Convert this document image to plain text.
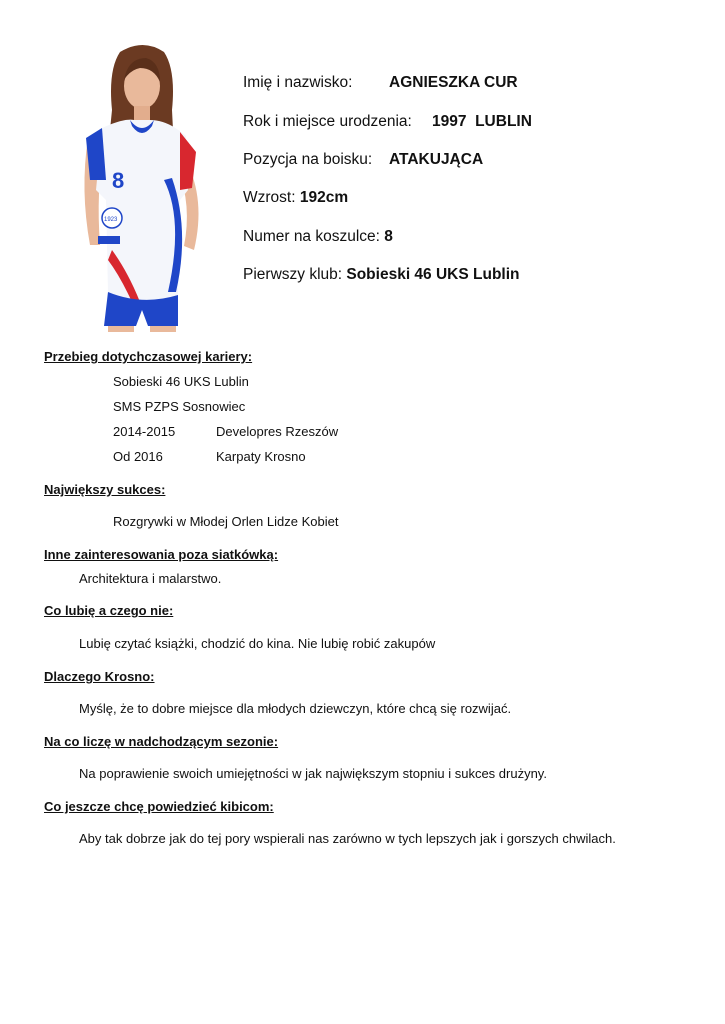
8
1923
Imię i nazwisko: AGNIESZKA CUR
Rok i miejsce urodzenia: 1997  LUBLIN
Pozycja na boisku: ATAKUJĄCA
Wzrost: 192cm
Numer na koszulce: 8
Pierwszy klub: Sobieski 46 UKS Lublin
Przebieg dotychczasowej kariery:
Sobieski 46 UKS Lublin
SMS PZPS Sosnowiec
2014-2015	Developres Rzeszów
Od 2016	Karpaty Krosno
Największy sukces:
Rozgrywki w Młodej Orlen Lidze Kobiet
Inne zainteresowania poza siatkówką:
Architektura i malarstwo.
Co lubię a czego nie:
Lubię czytać książki, chodzić do kina. Nie lubię robić zakupów
Dlaczego Krosno:
Myślę, że to dobre miejsce dla młodych dziewczyn, które chcą się rozwijać.
Na co liczę w nadchodzącym sezonie:
Na poprawienie swoich umiejętności w jak największym stopniu i sukces drużyny.
Co jeszcze chcę powiedzieć kibicom:
Aby tak dobrze jak do tej pory wspierali nas zarówno w tych lepszych jak i gorszych chwilach.
